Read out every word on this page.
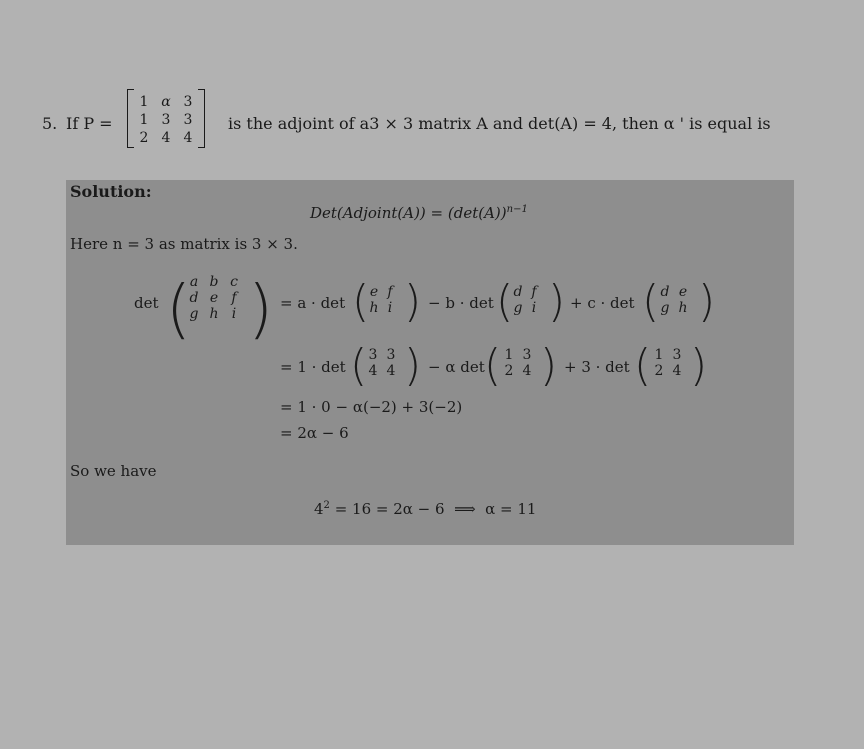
5. If P =
1 α 3
1 3 3
2 4 4
is the adjoint of a3 × 3 matrix A and det(A) = 4, then α ' is equal is
Solution:
Det(Adjoint(A)) = $(\det(A))^{n-1}$
Here n = 3 as matrix is 3 × 3.
det (
a b c
d e f
g h i ) = a · det ( e f
h i ) − b · det ( d f
g i ) + c · det ( d e
g h )
= 1 · det ( 3 3
4 4 ) − α det ( 1 3
2 4 ) + 3 · det ( 1 3
2 4 )
= 1 · 0 − α(−2) + 3(−2)
= 2α − 6
So we have
$4^2 = 16 = 2\alpha - 6$  ⟹  α = 11
